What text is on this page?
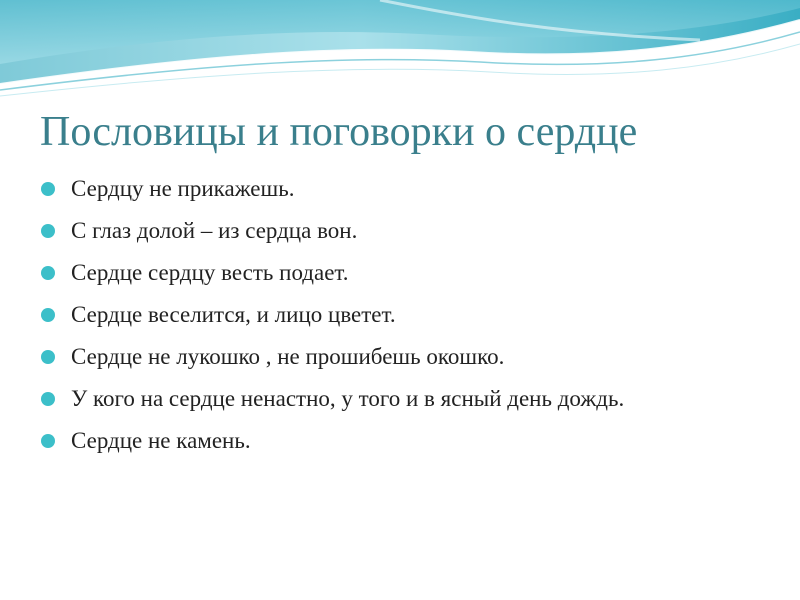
Пословицы и поговорки о сердце
Сердцу не прикажешь.
С глаз долой – из сердца вон.
Сердце сердцу весть подает.
Сердце веселится, и лицо цветет.
Сердце не лукошко , не прошибешь окошко.
У кого на сердце ненастно, у того и в ясный день дождь.
Сердце не камень.
